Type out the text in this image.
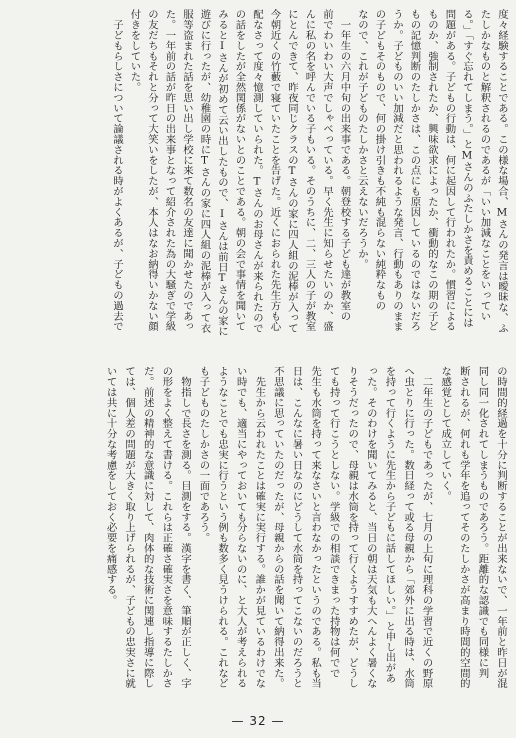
度々経験することである。この様な場合、Mさんの発言は曖昧な、ふ
たしかなものと解釈されるのであるが「いい加減なことをいってい
る。」「すぐ忘れてしまう。」とMさんのふたしかさを責めることには
問題がある。子どもの行動は、何に起因して行われたか。慣習による
ものか、強制されたか、興味欲求によったか、衝動的なこの期の子ど
もの記憶判断のたしかさは、この点にも原因しているのではないだろ
うか。子どものいい加減だと思われるような発言、行動もありのまま
の子どもそのもので、何の掛け引きも不純も混らない純粋なもの
なので、これが子どものたしかさと云えないだろうか。
　一年生の六月中旬の出来事である。朝登校する子ども達が教室の
前でわいわい大声でしゃべっている。早く先生に知らせたいのか、盛
んに私の名を呼んでいる子もいる。そのうちに、二、三人の子が教室
にとんできて、昨夜同じクラスのTさんの家に四人組の泥棒が入って
今朝近くの竹藪で寝ていたことを告げた。近くにおられた先生方も心
配なさって度々憶測していられた。Tさんのお母さんが来られたので
の話をしたが全然関係がないとのことである。朝の会で事情を聞いて
みるとIさんが初めて云い出したもので、Iさんは前日Tさんの家に
遊びに行ったが、幼稚園の時にTさんの家に四人組の泥棒が入って衣
服等盗まれた話を思い出し学校に来て数名の友達に聞かせたのであっ
た。一年前の話が昨日の出来事となって紹介された為の大騒ぎで学級
の友だちもそれと分って大笑いをしたが、本人はなお納得いかない顔
付きをしていた。
　子どもらしさについて論議される時がよくあるが、子どもの過去で
の時間的経過を十分に判断することが出来ないで、一年前と昨日が混
同し同一化されてしまうものであろう。距離的な認識でも同様に判
断されるが、何れも学年を追ってそのたしかさが高まり時間的空間的
な感覚として成立していく。
　二年生の子どもであったが、七月の上旬に理科の学習で近くの野原
へ虫とりに行った。数日経って或る母親から「郊外に出る時は、水筒
を持って行くように先生から子どもに話してほしい。」と申し出があ
った。そのわけを聞いてみると、当日の朝は天気も大へんよく暑くな
りそうだったので、母親は水筒を持って行くようすすめたが、どうし
ても持って行こうとしない。学級での相談できまった持物は何でで
先生も水筒を持って来なさいと言わなかったというのである。私も当
日は、こんなに暑い日なのにどうして水筒を持ってこないのだろうと
不思議に思っていたのだったが、母親からの話を聞いて納得出来た。
　先生から云われたことは確実に実行する。誰かが見ているわけでな
い時でも、適当にやっておいても分らないのに、と大人が考えられる
ようなことでも忠実に行うという例も数多く見うけられる。これなど
も子どものたしかさの一面であろう。
　物指しで長さを測る。目測をする。漢字を書く、筆順が正しく、字
の形をよく整えて書ける。これらは正確さ確実さを意味するたしかさ
だ。前述の精神的な意識に対して、肉体的な技術に関連し指導に際し
ては、個人差の問題が大きく取り上げられるが、子どもの忠実さに就
いては共に十分な考慮をしておく必要を痛感する。
— 32 —
